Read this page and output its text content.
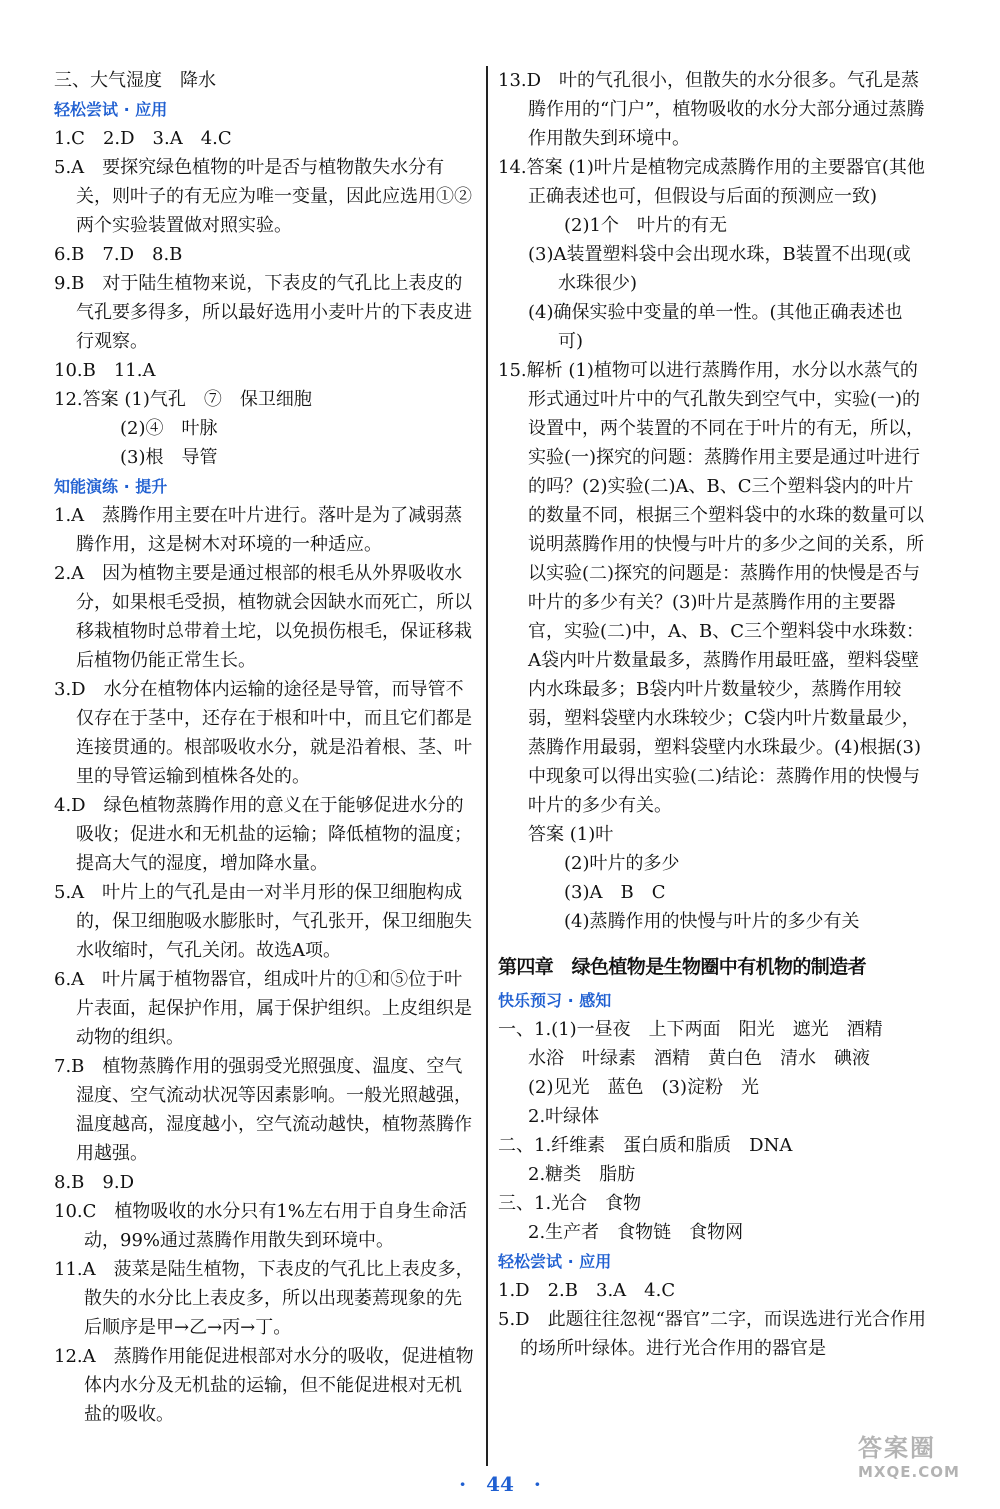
三、大气湿度　降水

轻松尝试 · 应用

1.C　2.D　3.A　4.C

5.A　要探究绿色植物的叶是否与植物散失水分有关，则叶子的有无应为唯一变量，因此应选用①②两个实验装置做对照实验。

6.B　7.D　8.B

9.B　对于陆生植物来说，下表皮的气孔比上表皮的气孔要多得多，所以最好选用小麦叶片的下表皮进行观察。

10.B　11.A

12.答案 (1)气孔　⑦　保卫细胞

(2)④　叶脉

(3)根　导管

知能演练 · 提升

1.A　蒸腾作用主要在叶片进行。落叶是为了减弱蒸腾作用，这是树木对环境的一种适应。

2.A　因为植物主要是通过根部的根毛从外界吸收水分，如果根毛受损，植物就会因缺水而死亡，所以移栽植物时总带着土坨，以免损伤根毛，保证移栽后植物仍能正常生长。

3.D　水分在植物体内运输的途径是导管，而导管不仅存在于茎中，还存在于根和叶中，而且它们都是连接贯通的。根部吸收水分，就是沿着根、茎、叶里的导管运输到植株各处的。

4.D　绿色植物蒸腾作用的意义在于能够促进水分的吸收；促进水和无机盐的运输；降低植物的温度；提高大气的湿度，增加降水量。

5.A　叶片上的气孔是由一对半月形的保卫细胞构成的，保卫细胞吸水膨胀时，气孔张开，保卫细胞失水收缩时，气孔关闭。故选A项。

6.A　叶片属于植物器官，组成叶片的①和⑤位于叶片表面，起保护作用，属于保护组织。上皮组织是动物的组织。

7.B　植物蒸腾作用的强弱受光照强度、温度、空气湿度、空气流动状况等因素影响。一般光照越强，温度越高，湿度越小，空气流动越快，植物蒸腾作用越强。

8.B　9.D

10.C　植物吸收的水分只有1%左右用于自身生命活动，99%通过蒸腾作用散失到环境中。

11.A　菠菜是陆生植物，下表皮的气孔比上表皮多，散失的水分比上表皮多，所以出现萎蔫现象的先后顺序是甲→乙→丙→丁。

12.A　蒸腾作用能促进根部对水分的吸收，促进植物体内水分及无机盐的运输，但不能促进根对无机盐的吸收。

13.D　叶的气孔很小，但散失的水分很多。气孔是蒸腾作用的“门户”，植物吸收的水分大部分通过蒸腾作用散失到环境中。

14.答案 (1)叶片是植物完成蒸腾作用的主要器官(其他正确表述也可，但假设与后面的预测应一致)

(2)1个　叶片的有无

(3)A装置塑料袋中会出现水珠，B装置不出现(或水珠很少)

(4)确保实验中变量的单一性。(其他正确表述也可)

15.解析 (1)植物可以进行蒸腾作用，水分以水蒸气的形式通过叶片中的气孔散失到空气中，实验(一)的设置中，两个装置的不同在于叶片的有无，所以，实验(一)探究的问题：蒸腾作用主要是通过叶进行的吗？(2)实验(二)A、B、C三个塑料袋内的叶片的数量不同，根据三个塑料袋中的水珠的数量可以说明蒸腾作用的快慢与叶片的多少之间的关系，所以实验(二)探究的问题是：蒸腾作用的快慢是否与叶片的多少有关？(3)叶片是蒸腾作用的主要器官，实验(二)中，A、B、C三个塑料袋中水珠数：A袋内叶片数量最多，蒸腾作用最旺盛，塑料袋壁内水珠最多；B袋内叶片数量较少，蒸腾作用较弱，塑料袋壁内水珠较少；C袋内叶片数量最少，蒸腾作用最弱，塑料袋壁内水珠最少。(4)根据(3)中现象可以得出实验(二)结论：蒸腾作用的快慢与叶片的多少有关。

答案 (1)叶

(2)叶片的多少

(3)A　B　C

(4)蒸腾作用的快慢与叶片的多少有关

第四章　绿色植物是生物圈中有机物的制造者

快乐预习 · 感知

一、1.(1)一昼夜　上下两面　阳光　遮光　酒精

水浴　叶绿素　酒精　黄白色　清水　碘液

(2)见光　蓝色　(3)淀粉　光

2.叶绿体

二、1.纤维素　蛋白质和脂质　DNA

2.糖类　脂肪

三、1.光合　食物

2.生产者　食物链　食物网

轻松尝试 · 应用

1.D　2.B　3.A　4.C

5.D　此题往往忽视“器官”二字，而误选进行光合作用的场所叶绿体。进行光合作用的器官是

·　44　·
答案圈
MXQE.COM
